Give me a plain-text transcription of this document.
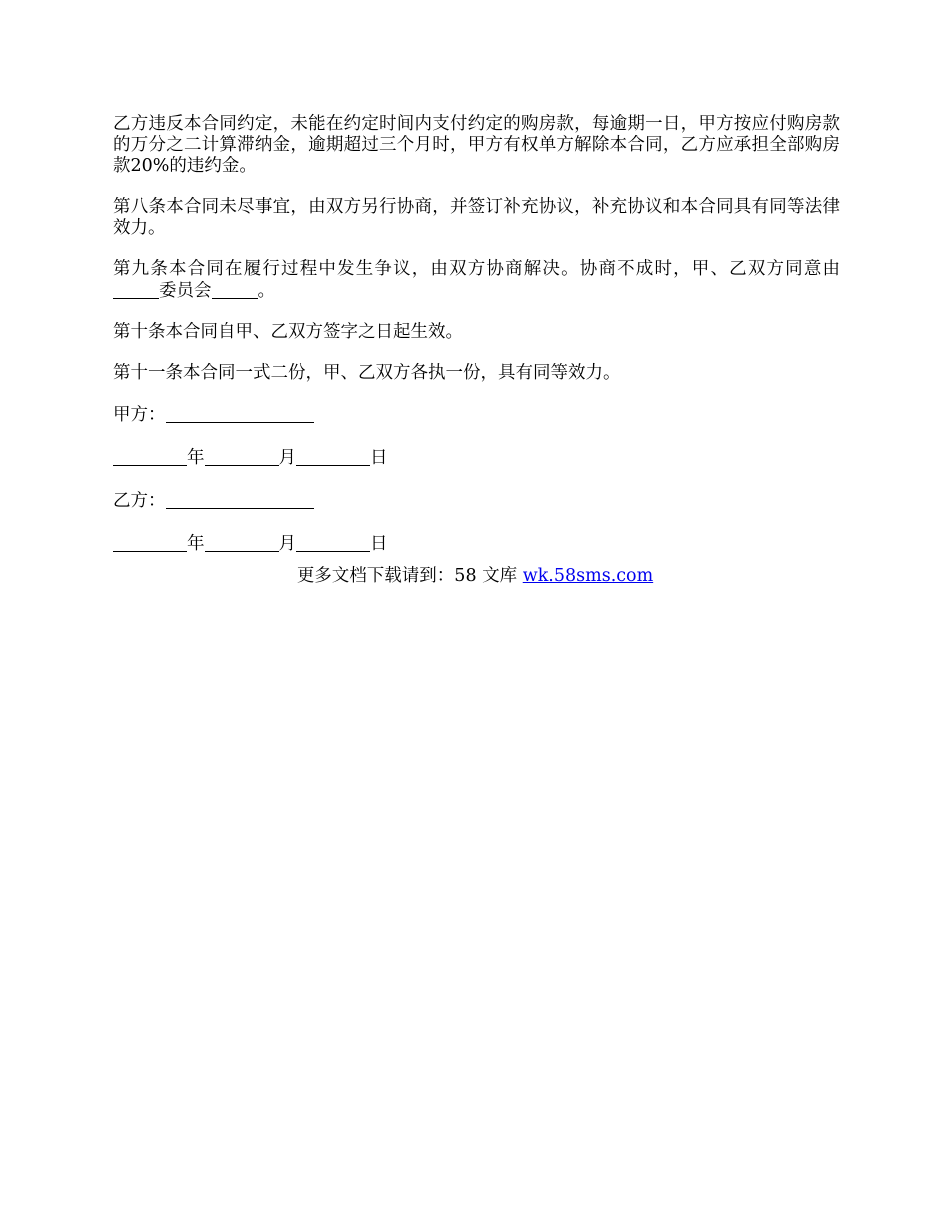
乙方违反本合同约定，未能在约定时间内支付约定的购房款，每逾期一日，甲方按应付购房款的万分之二计算滞纳金，逾期超过三个月时，甲方有权单方解除本合同，乙方应承担全部购房款20%的违约金。

第八条本合同未尽事宜，由双方另行协商，并签订补充协议，补充协议和本合同具有同等法律效力。

第九条本合同在履行过程中发生争议，由双方协商解决。协商不成时，甲、乙双方同意由委员会	。

第十条本合同自甲、乙双方签字之日起生效。

第十一条本合同一式二份，甲、乙双方各执一份，具有同等效力。

甲方：
年	月	日
乙方：
年	月	日
更多文档下载请到：58 文库 wk.58sms.com
